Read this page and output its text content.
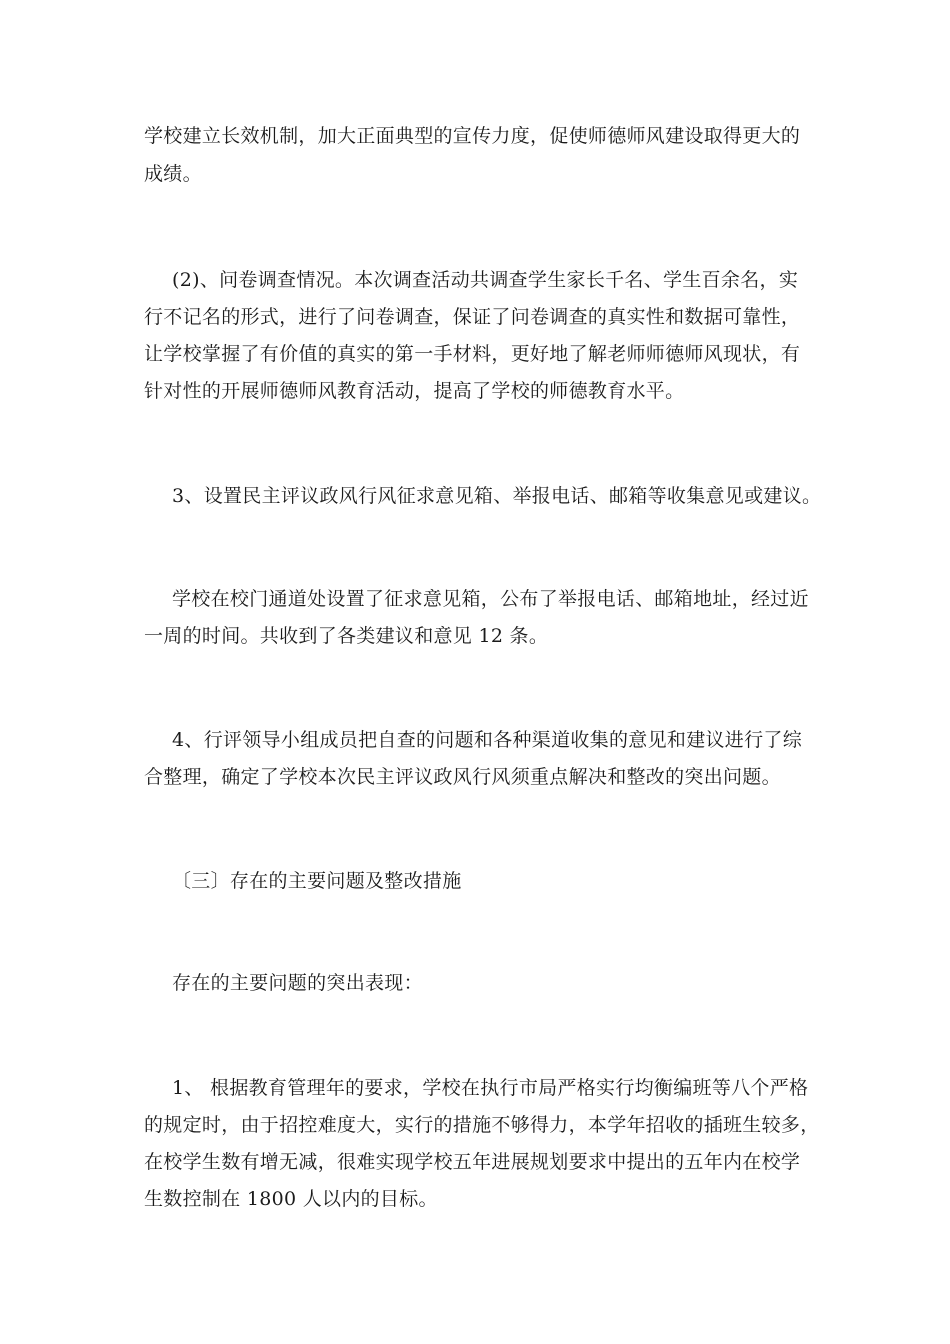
学校建立长效机制，加大正面典型的宣传力度，促使师德师风建设取得更大的
成绩。
(2)、问卷调查情况。本次调查活动共调查学生家长千名、学生百余名，实
行不记名的形式，进行了问卷调查，保证了问卷调查的真实性和数据可靠性，
让学校掌握了有价值的真实的第一手材料，更好地了解老师师德师风现状，有
针对性的开展师德师风教育活动，提高了学校的师德教育水平。
3、设置民主评议政风行风征求意见箱、举报电话、邮箱等收集意见或建议。
学校在校门通道处设置了征求意见箱，公布了举报电话、邮箱地址，经过近
一周的时间。共收到了各类建议和意见 12 条。
4、行评领导小组成员把自查的问题和各种渠道收集的意见和建议进行了综
合整理，确定了学校本次民主评议政风行风须重点解决和整改的突出问题。
〔三〕存在的主要问题及整改措施
存在的主要问题的突出表现：
1、 根据教育管理年的要求，学校在执行市局严格实行均衡编班等八个严格
的规定时，由于招控难度大，实行的措施不够得力，本学年招收的插班生较多，
在校学生数有增无减，很难实现学校五年进展规划要求中提出的五年内在校学
生数控制在 1800 人以内的目标。
